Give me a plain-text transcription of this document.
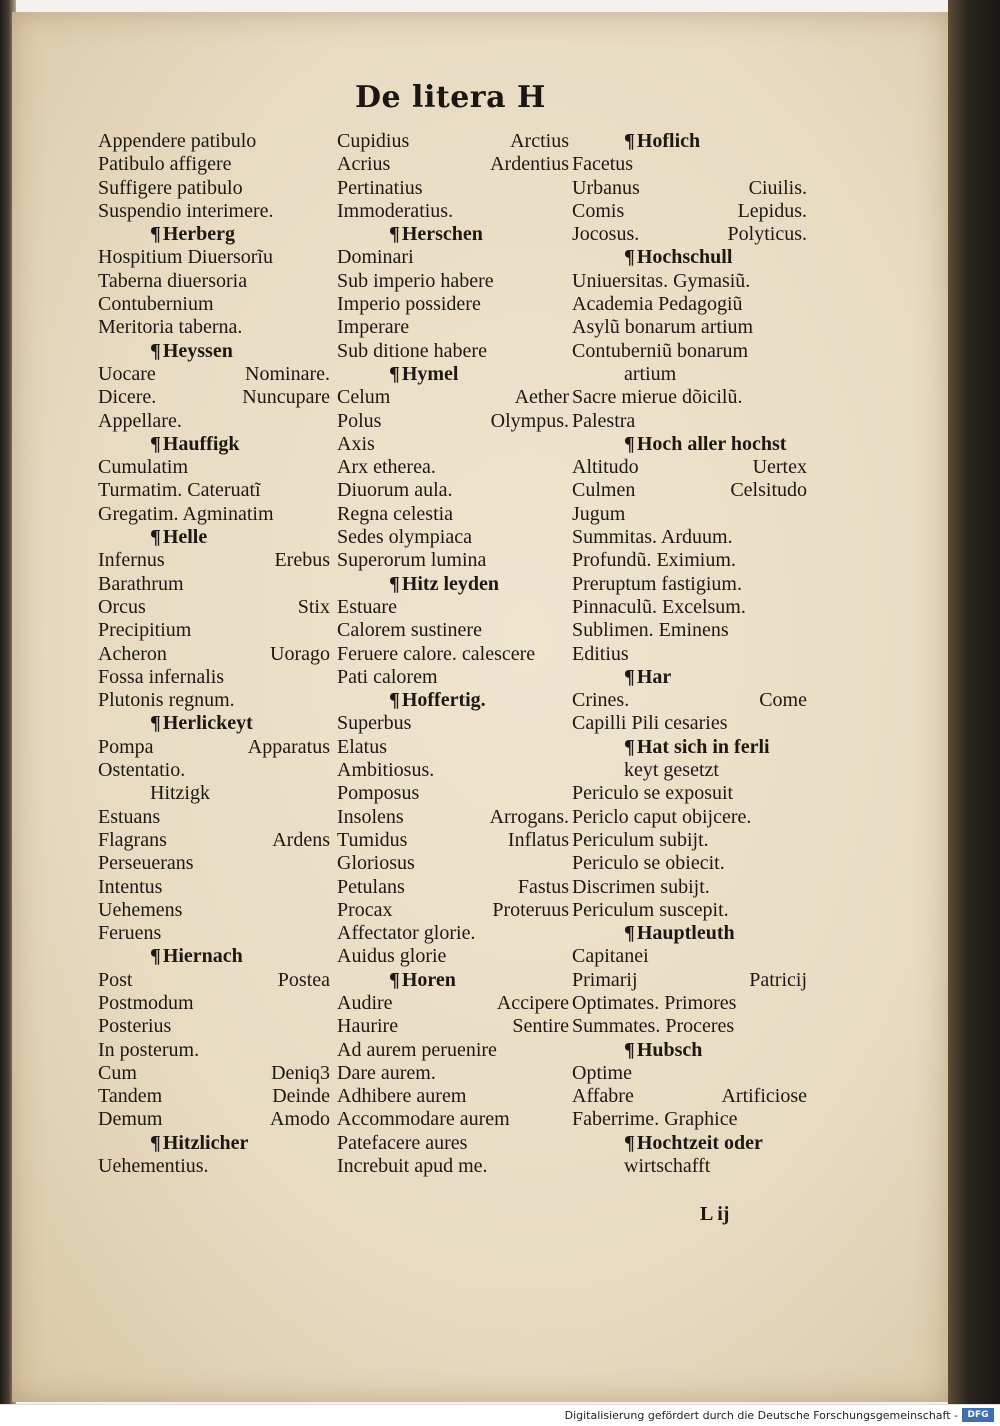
De litera H
Appendere patibulo
Patibulo affigere
Suffigere patibulo
Suspendio interimere.
¶ Herberg
Hospitium Diuersorĩu
Taberna diuersoria
Contubernium
Meritoria taberna.
¶ Heyssen
Uocare	Nominare.
Dicere.	Nuncupare
Appellare.
¶ Hauffigk
Cumulatim
Turmatim. Cateruatĩ
Gregatim. Agminatim
¶ Helle
Infernus	Erebus
Barathrum
Orcus	Stix
Precipitium
Acheron	Uorago
Fossa infernalis
Plutonis regnum.
¶ Herlickeyt
Pompa	Apparatus
Ostentatio.
Hitzigk
Estuans
Flagrans	Ardens
Perseuerans
Intentus
Uehemens
Feruens
¶ Hiernach
Post	Postea
Postmodum
Posterius
In posterum.
Cum	Deniq3
Tandem	Deinde
Demum	Amodo
¶ Hitzlicher
Uehementius.
Cupidius	Arctius
Acrius	Ardentius
Pertinatius
Immoderatius.
¶ Herschen
Dominari
Sub imperio habere
Imperio possidere
Imperare
Sub ditione habere
¶ Hymel
Celum	Aether
Polus	Olympus.
Axis
Arx etherea.
Diuorum aula.
Regna celestia
Sedes olympiaca
Superorum lumina
¶ Hitz leyden
Estuare
Calorem sustinere
Feruere calore. calescere
Pati calorem
¶ Hoffertig.
Superbus
Elatus
Ambitiosus.
Pomposus
Insolens	Arrogans.
Tumidus	Inflatus
Gloriosus
Petulans	Fastus
Procax	Proteruus
Affectator glorie.
Auidus glorie
¶ Horen
Audire	Accipere
Haurire	Sentire
Ad aurem peruenire
Dare aurem.
Adhibere aurem
Accommodare aurem
Patefacere aures
Increbuit apud me.
¶ Hoflich
Facetus
Urbanus	Ciuilis.
Comis	Lepidus.
Jocosus.	Polyticus.
¶ Hochschull
Uniuersitas. Gymasiũ.
Academia Pedagogiũ
Asylũ bonarum artium
Contuberniũ bonarum
artium
Sacre mierue dõicilũ.
Palestra
¶ Hoch aller hochst
Altitudo	Uertex
Culmen	Celsitudo
Jugum
Summitas. Arduum.
Profundũ. Eximium.
Preruptum fastigium.
Pinnaculũ. Excelsum.
Sublimen. Eminens
Editius
¶ Har
Crines.	Come
Capilli Pili cesaries
¶ Hat sich in ferli
keyt gesetzt
Periculo se exposuit
Periclo caput obijcere.
Periculum subijt.
Periculo se obiecit.
Discrimen subijt.
Periculum suscepit.
¶ Hauptleuth
Capitanei
Primarij	Patricij
Optimates. Primores
Summates. Proceres
¶ Hubsch
Optime
Affabre	Artificiose
Faberrime. Graphice
¶ Hochtzeit oder
wirtschafft
L ij
Digitalisierung gefördert durch die Deutsche Forschungsgemeinschaft -	DFG
